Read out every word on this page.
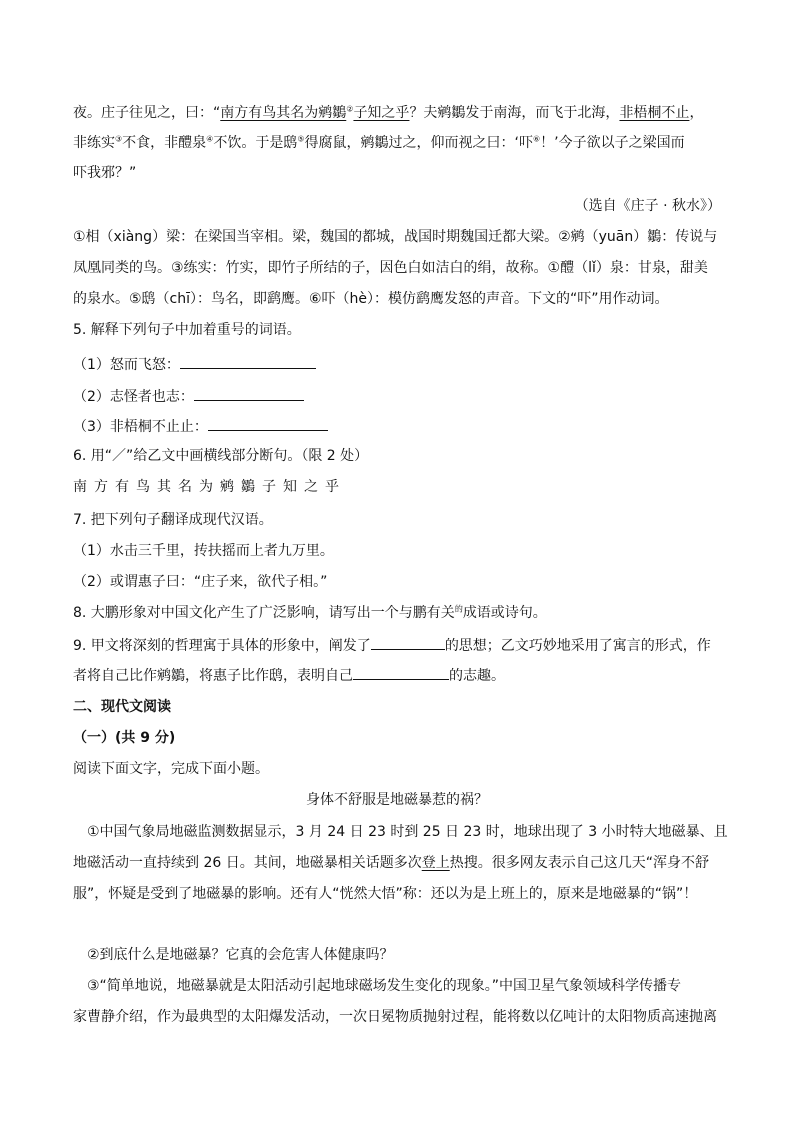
夜。庄子往见之，曰：“南方有鸟其名为鹓鶵②子知之乎？夫鹓鶵发于南海，而飞于北海，非梧桐不止，
非练实③不食，非醴泉④不饮。于是鸱⑤得腐鼠，鹓鶵过之，仰而视之曰：‘吓⑥！’今子欲以子之梁国而
吓我邪？”
（选自《庄子 · 秋水》）
①相（xiàng）梁：在梁国当宰相。梁，魏国的都城，战国时期魏国迁都大梁。②鹓（yuān）鶵：传说与
凤凰同类的鸟。③练实：竹实，即竹子所结的子，因色白如洁白的绢，故称。①醴（lǐ）泉：甘泉，甜美
的泉水。⑤鸱（chī）：鸟名，即鹞鹰。⑥吓（hè）：模仿鹞鹰发怒的声音。下文的“吓”用作动词。
5. 解释下列句子中加着重号的词语。
（1）怒而飞怒：
（2）志怪者也志：
（3）非梧桐不止止：
6. 用“／”给乙文中画横线部分断句。（限 2 处）
南方有鸟其名为鹓鶵子知之乎
7. 把下列句子翻译成现代汉语。
（1）水击三千里，抟扶摇而上者九万里。
（2）或谓惠子曰：“庄子来，欲代子相。”
8. 大鹏形象对中国文化产生了广泛影响，请写出一个与鹏有关$^的$成语或诗句。
9. 甲文将深刻的哲理寓于具体的形象中，阐发了	的思想；乙文巧妙地采用了寓言的形式，作
者将自己比作鹓鶵，将惠子比作鸱，表明自己	的志趣。
二、现代文阅读
（一）(共 9 分)
阅读下面文字，完成下面小题。
身体不舒服是地磁暴惹的祸？
①中国气象局地磁监测数据显示，3 月 24 日 23 时到 25 日 23 时，地球出现了 3 小时特大地磁暴、且
地磁活动一直持续到 26 日。其间，地磁暴相关话题多次登上热搜。很多网友表示自己这几天“浑身不舒
服”，怀疑是受到了地磁暴的影响。还有人“恍然大悟”称：还以为是上班上的，原来是地磁暴的“锅”！
②到底什么是地磁暴？它真的会危害人体健康吗？
③“简单地说，地磁暴就是太阳活动引起地球磁场发生变化的现象。”中国卫星气象领域科学传播专
家曹静介绍，作为最典型的太阳爆发活动，一次日冕物质抛射过程，能将数以亿吨计的太阳物质高速抛离
